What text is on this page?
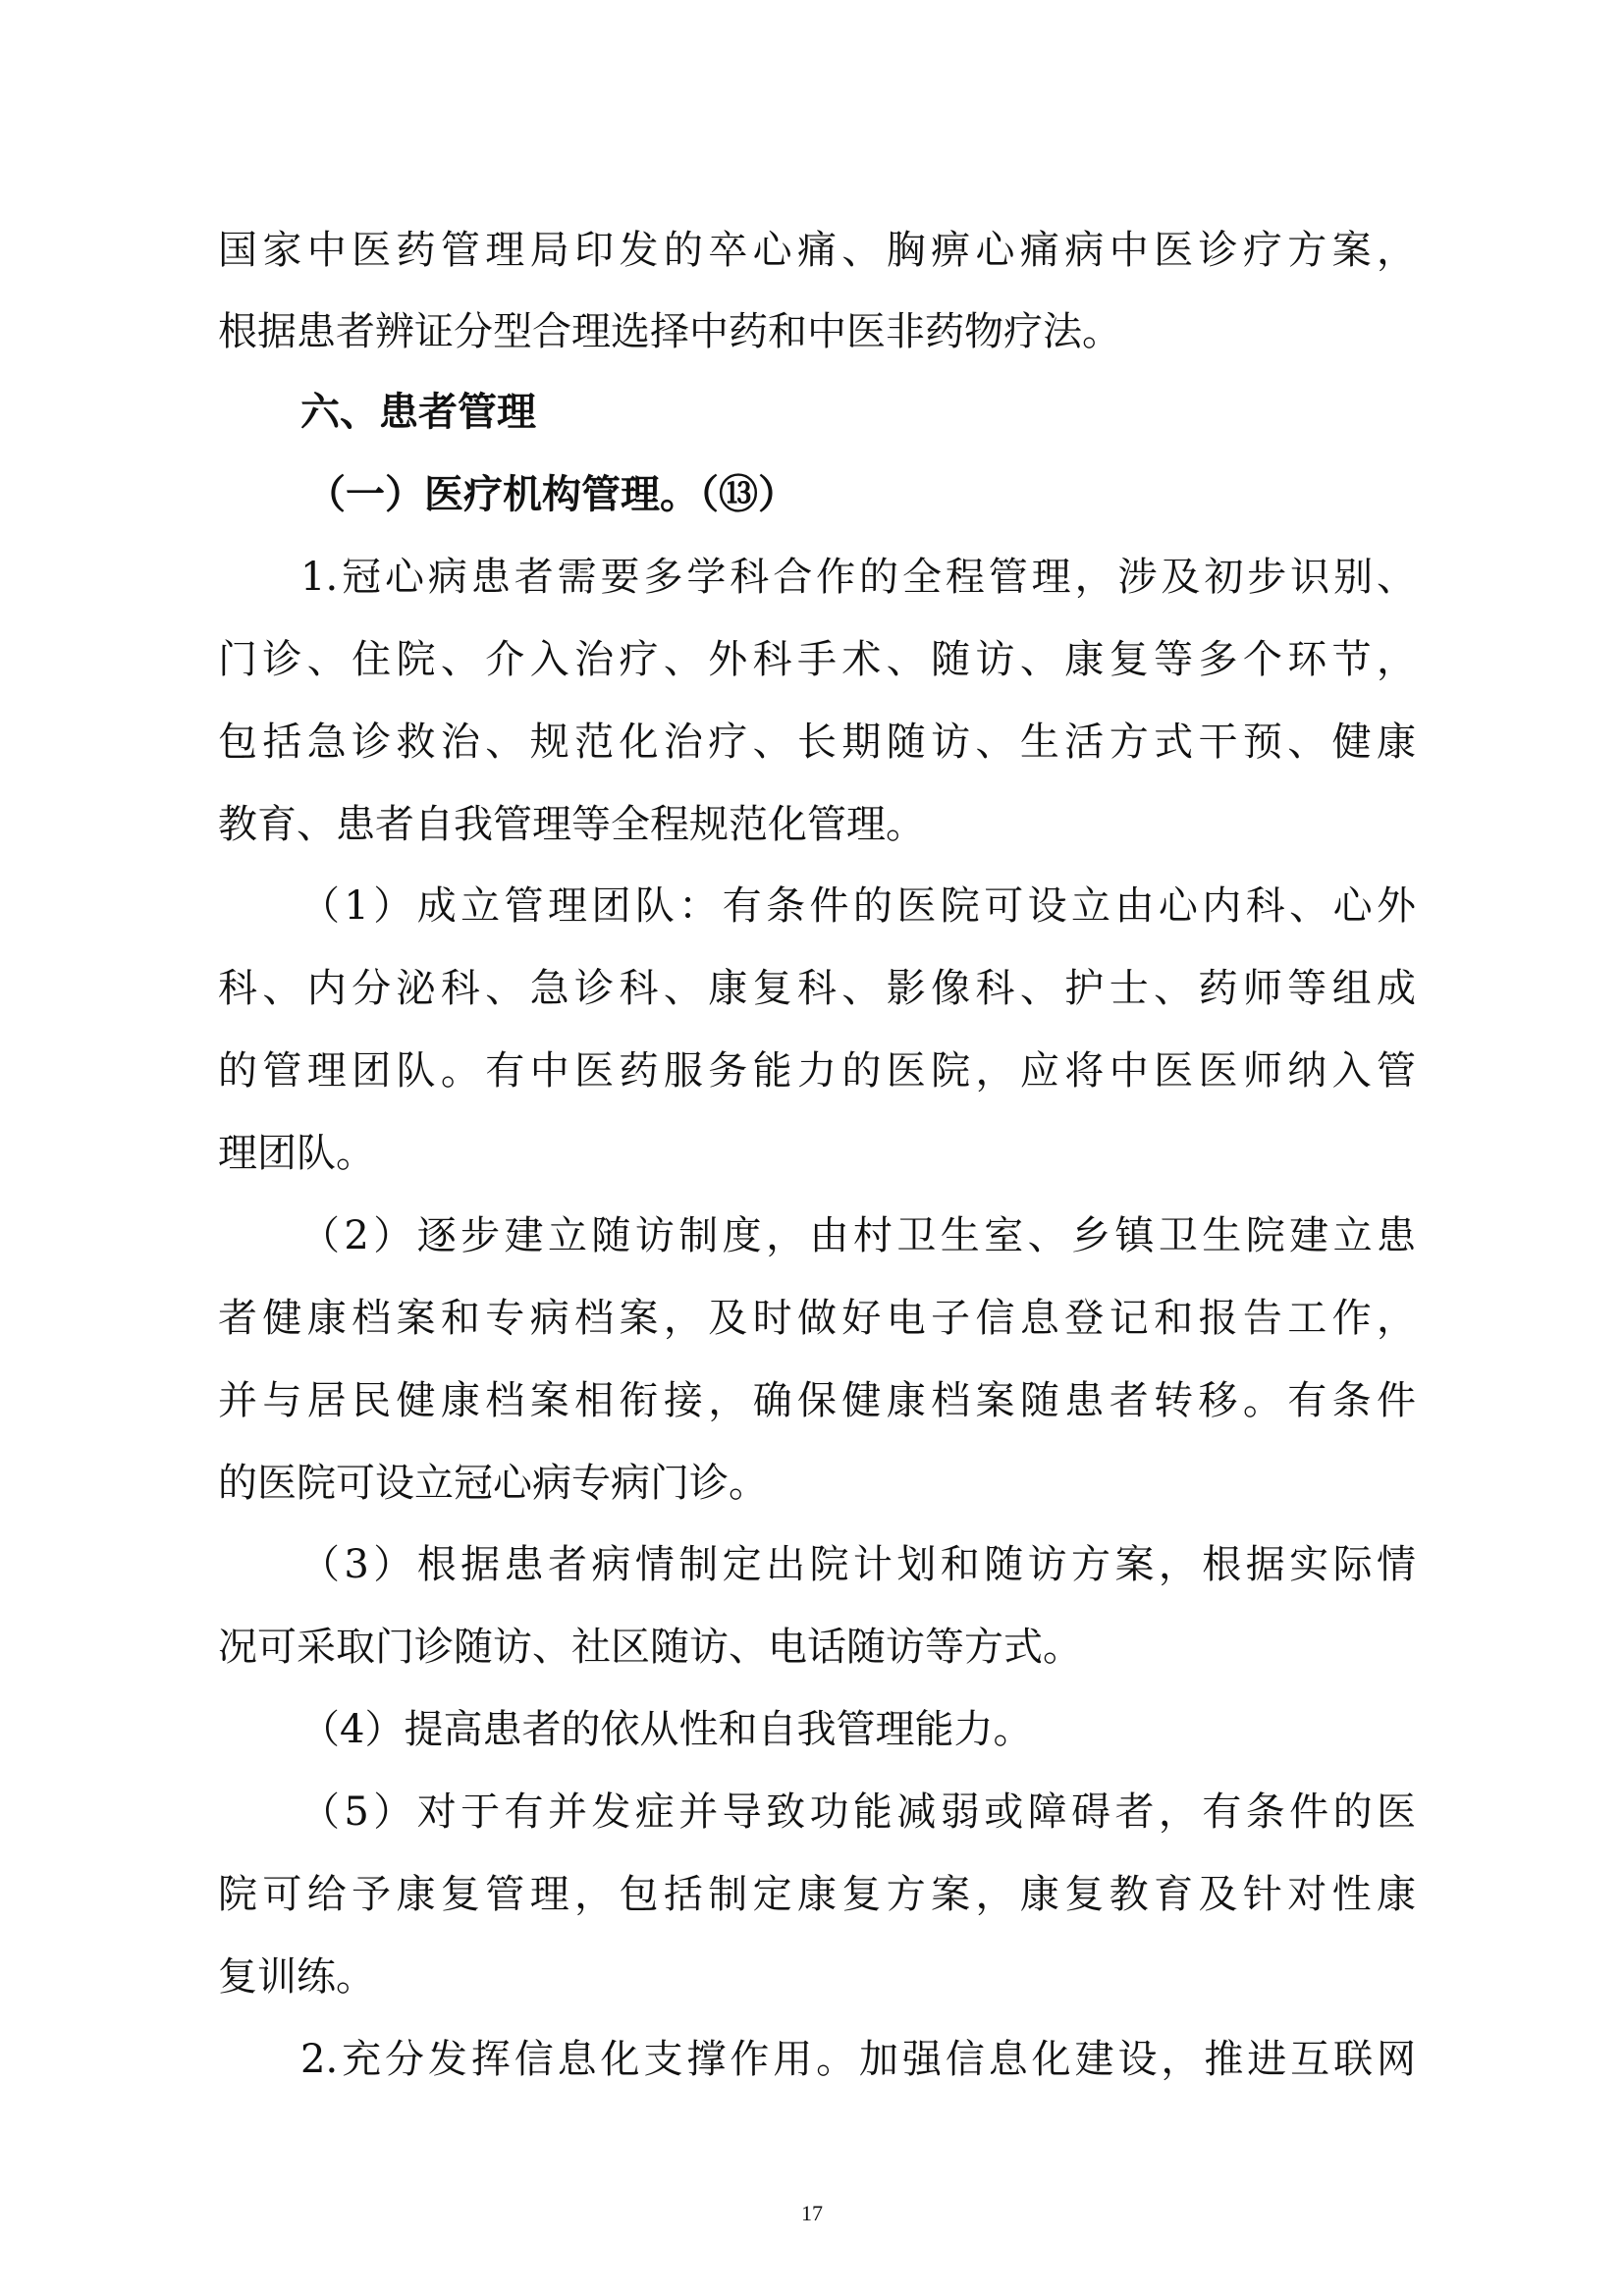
国家中医药管理局印发的卒心痛、胸痹心痛病中医诊疗方案，
根据患者辨证分型合理选择中药和中医非药物疗法。
六、患者管理
（一）医疗机构管理。（⑬）
1.冠心病患者需要多学科合作的全程管理，涉及初步识别、
门诊、住院、介入治疗、外科手术、随访、康复等多个环节，
包括急诊救治、规范化治疗、长期随访、生活方式干预、健康
教育、患者自我管理等全程规范化管理。
（1）成立管理团队：有条件的医院可设立由心内科、心外
科、内分泌科、急诊科、康复科、影像科、护士、药师等组成
的管理团队。有中医药服务能力的医院，应将中医医师纳入管
理团队。
（2）逐步建立随访制度，由村卫生室、乡镇卫生院建立患
者健康档案和专病档案，及时做好电子信息登记和报告工作，
并与居民健康档案相衔接，确保健康档案随患者转移。有条件
的医院可设立冠心病专病门诊。
（3）根据患者病情制定出院计划和随访方案，根据实际情
况可采取门诊随访、社区随访、电话随访等方式。
（4）提高患者的依从性和自我管理能力。
（5）对于有并发症并导致功能减弱或障碍者，有条件的医
院可给予康复管理，包括制定康复方案，康复教育及针对性康
复训练。
2.充分发挥信息化支撑作用。加强信息化建设，推进互联网
17
